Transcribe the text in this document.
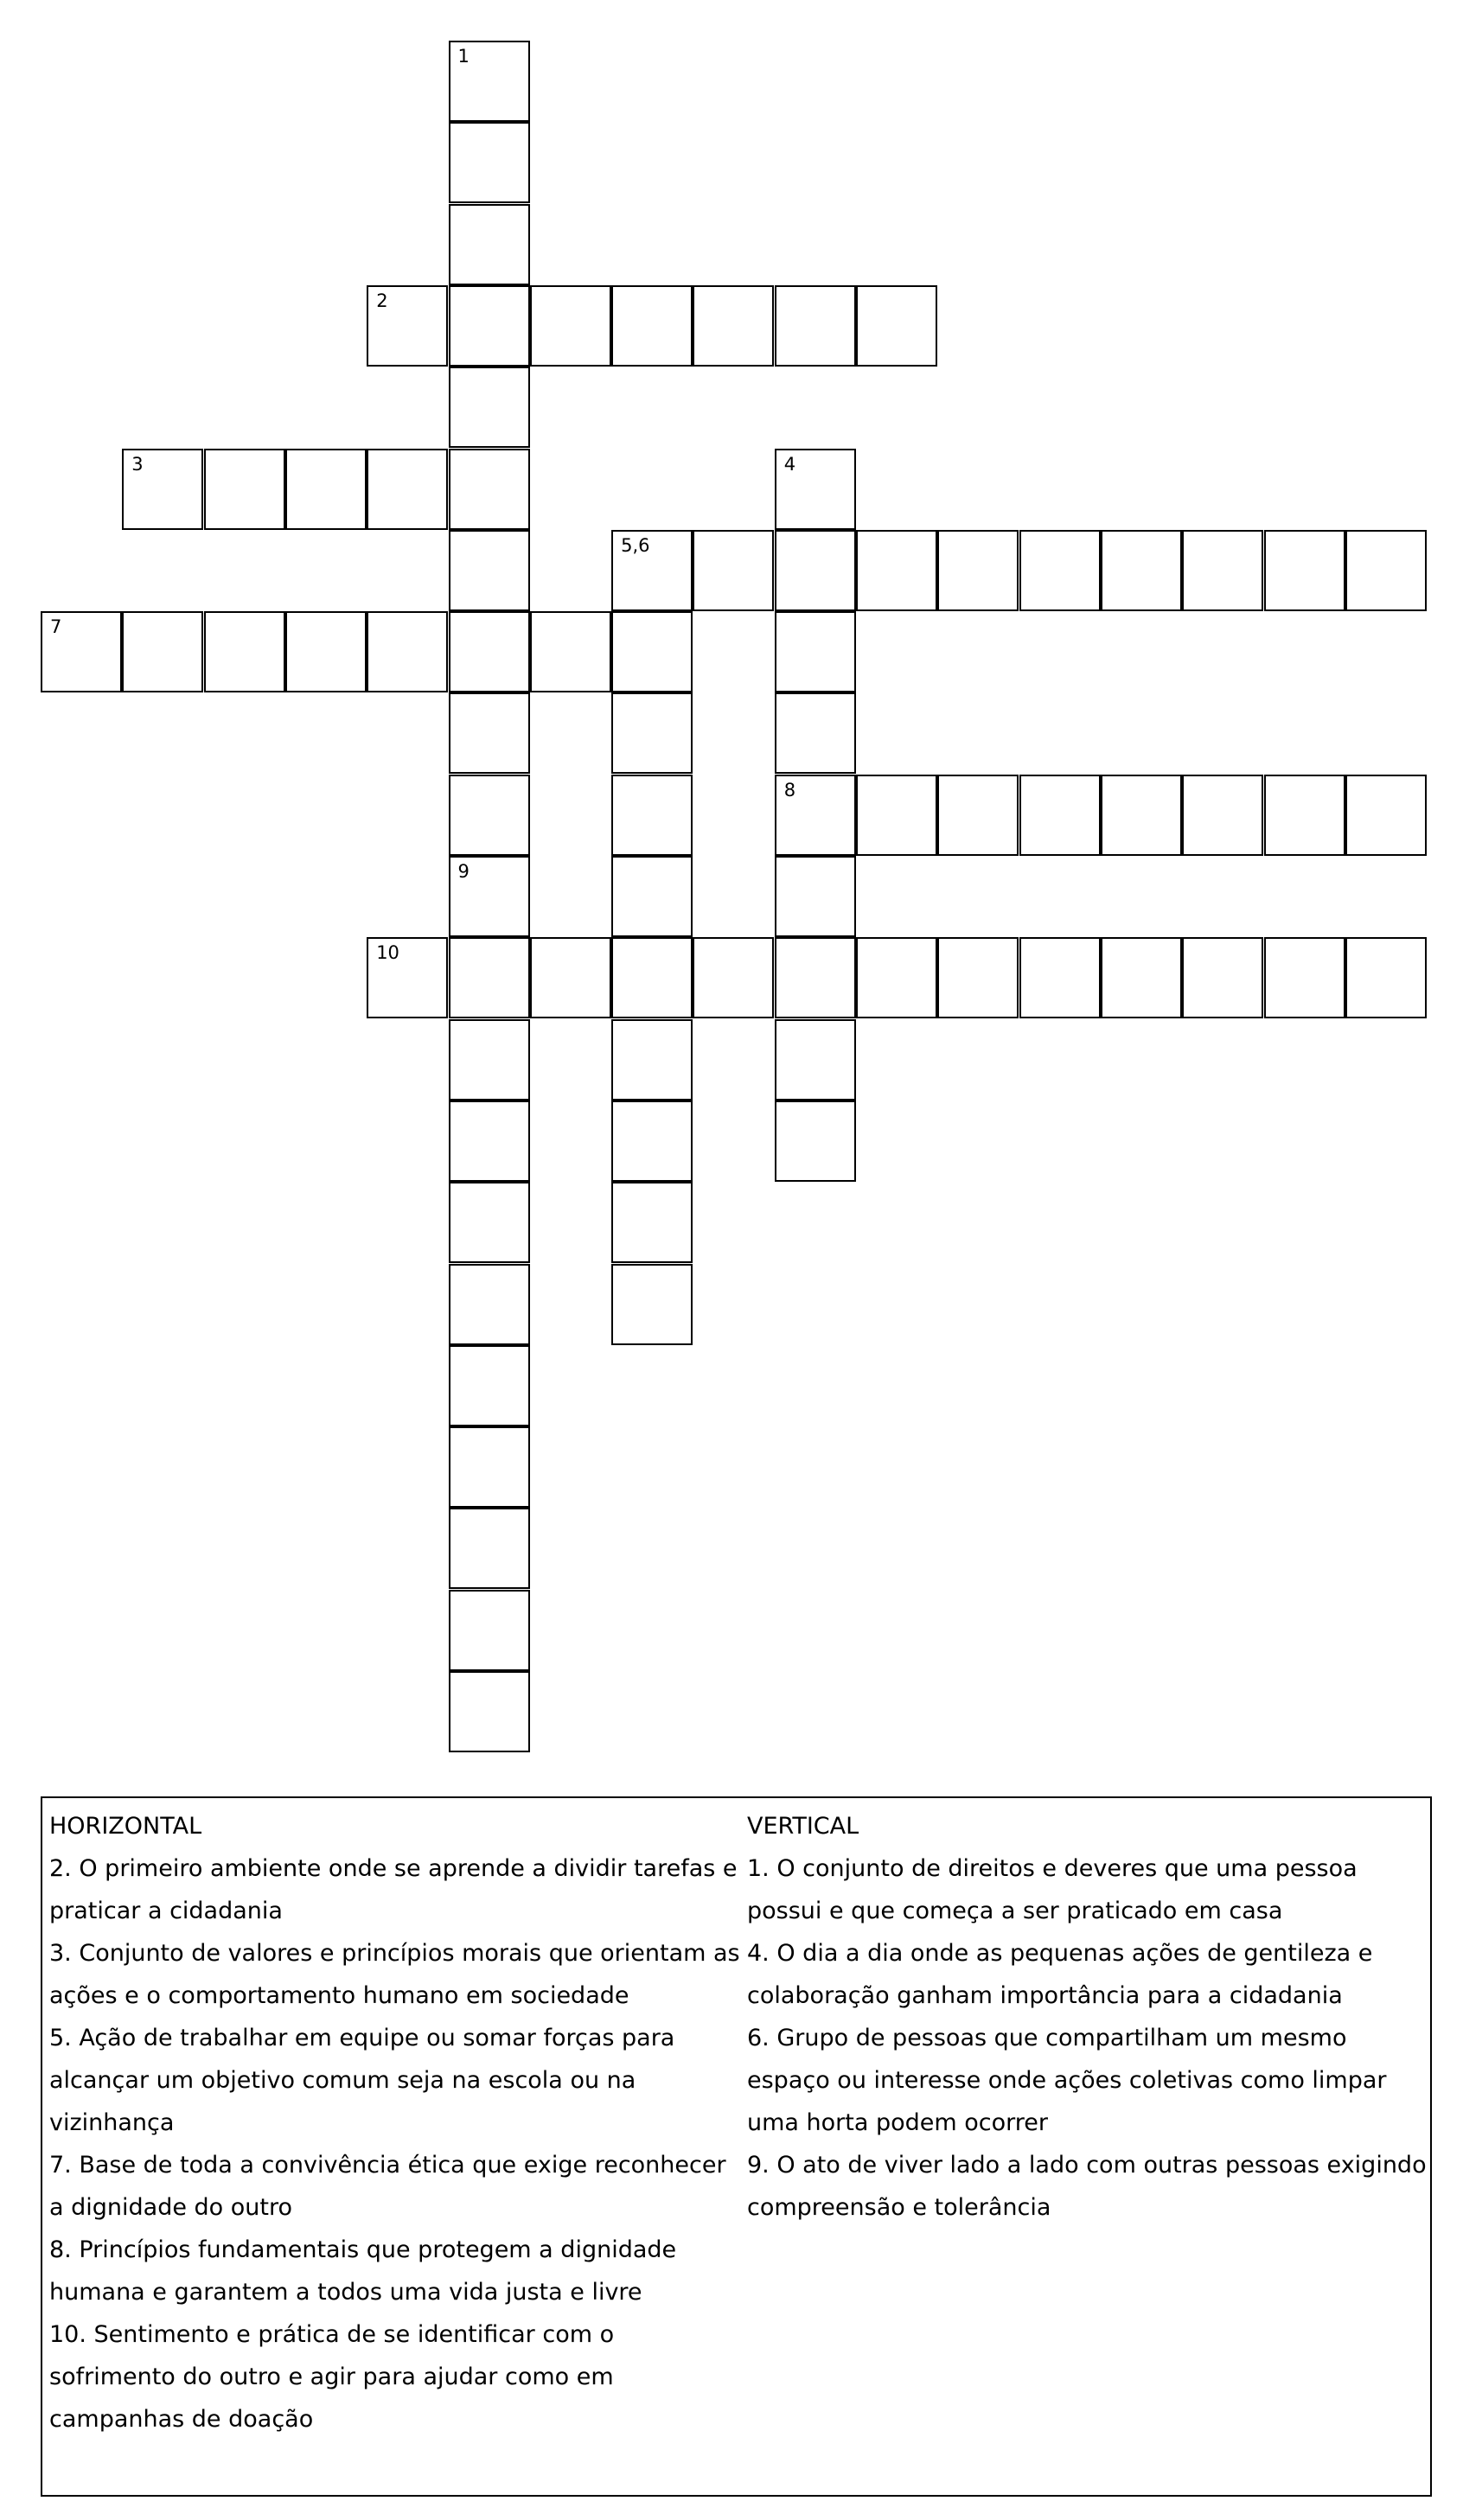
1
9
2
3	4
8
5,6
7
10
HORIZONTAL
2. O primeiro ambiente onde se aprende a dividir tarefas e praticar a cidadania
3. Conjunto de valores e princípios morais que orientam as ações e o comportamento humano em sociedade
5. Ação de trabalhar em equipe ou somar forças para alcançar um objetivo comum seja na escola ou na vizinhança
7. Base de toda a convivência ética que exige reconhecer a dignidade do outro
8. Princípios fundamentais que protegem a dignidade humana e garantem a todos uma vida justa e livre
10. Sentimento e prática de se identificar com o sofrimento do outro e agir para ajudar como em campanhas de doação
VERTICAL
1. O conjunto de direitos e deveres que uma pessoa possui e que começa a ser praticado em casa
4. O dia a dia onde as pequenas ações de gentileza e colaboração ganham importância para a cidadania
6. Grupo de pessoas que compartilham um mesmo espaço ou interesse onde ações coletivas como limpar uma horta podem ocorrer
9. O ato de viver lado a lado com outras pessoas exigindo compreensão e tolerância
